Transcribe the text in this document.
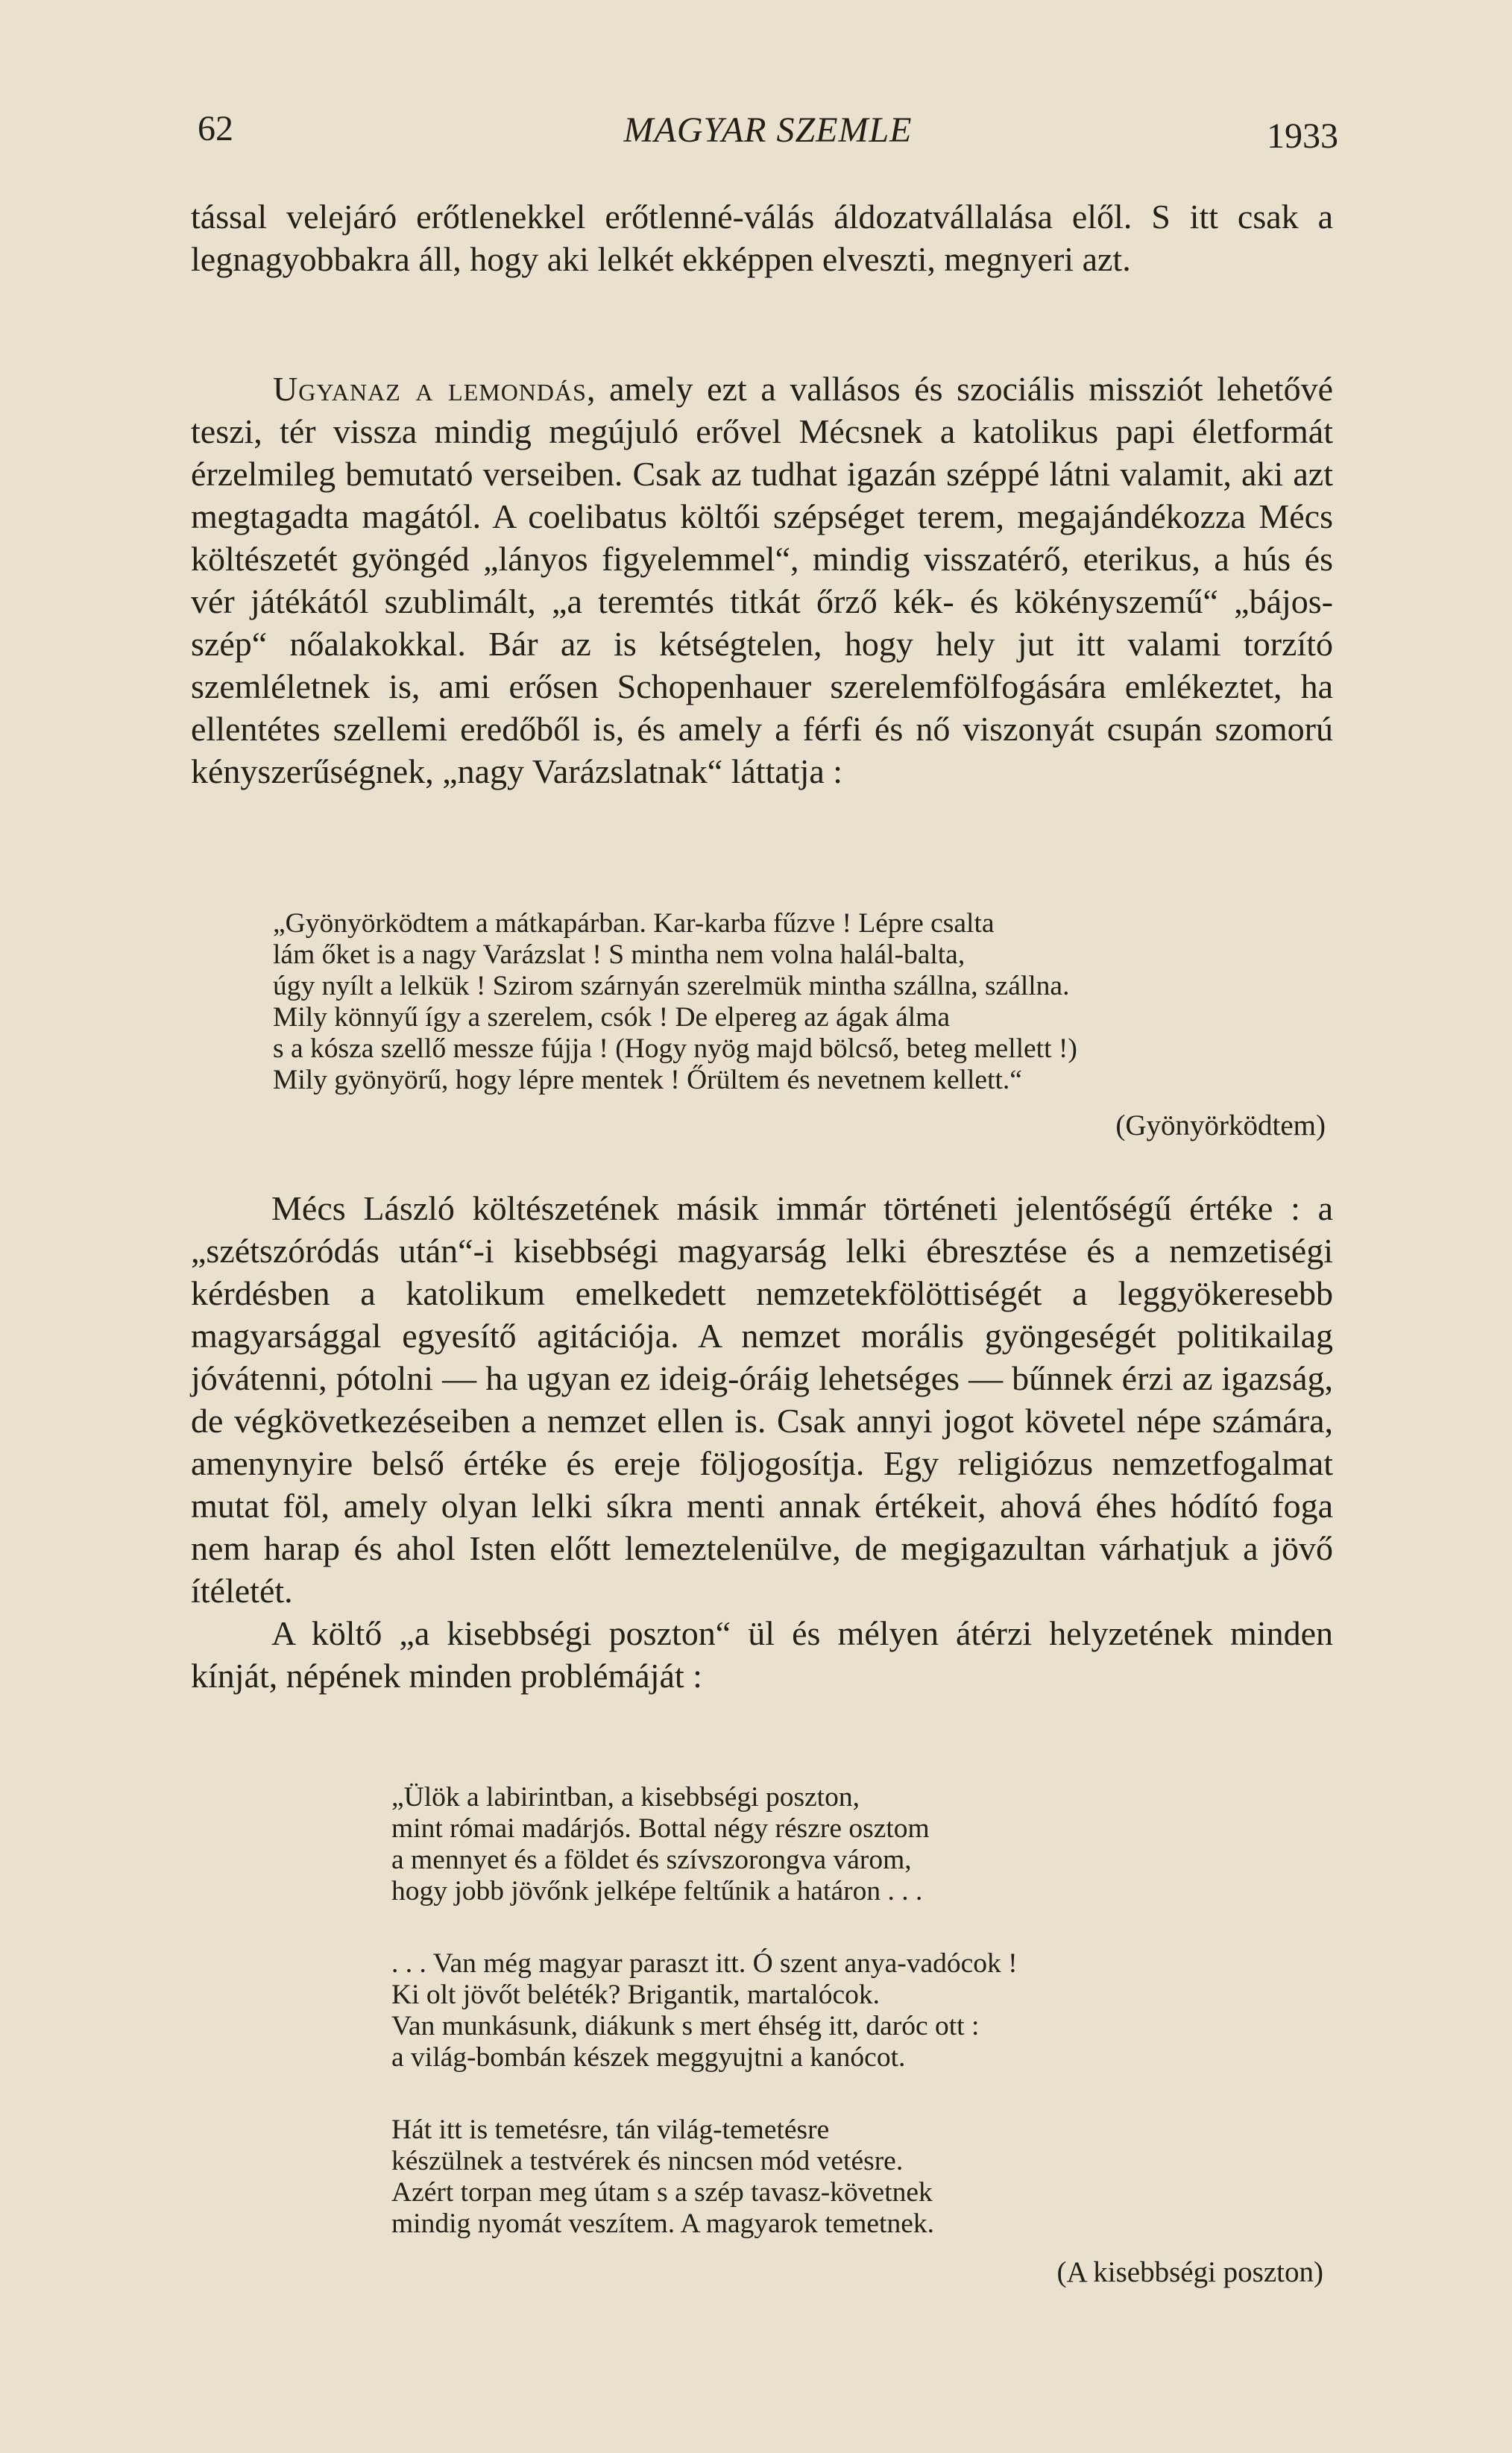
62	MAGYAR SZEMLE	1933
tással velejáró erőtlenekkel erőtlenné-válás áldozatvállalása elől. S itt csak a legnagyobbakra áll, hogy aki lelkét ekképpen elveszti, megnyeri azt.
Ugyanaz a lemondás, amely ezt a vallásos és szociális missziót lehetővé teszi, tér vissza mindig megújuló erővel Mécsnek a katolikus papi életformát érzelmileg bemutató verseiben. Csak az tudhat igazán széppé látni valamit, aki azt megtagadta magától. A coelibatus költői szépséget terem, megajándékozza Mécs költészetét gyöngéd „lányos figyelemmel“, mindig visszatérő, eterikus, a hús és vér játékától szublimált, „a teremtés titkát őrző kék- és kökényszemű“ „bájos-szép“ nőalakokkal. Bár az is kétségtelen, hogy hely jut itt valami torzító szemléletnek is, ami erősen Schopenhauer szerelemfölfogására emlékeztet, ha ellentétes szellemi eredőből is, és amely a férfi és nő viszonyát csupán szomorú kényszerűségnek, „nagy Varázslatnak“ láttatja :
„Gyönyörködtem a mátkapárban. Kar-karba fűzve ! Lépre csalta
lám őket is a nagy Varázslat ! S mintha nem volna halál-balta,
úgy nyílt a lelkük ! Szirom szárnyán szerelmük mintha szállna, szállna.
Mily könnyű így a szerelem, csók ! De elpereg az ágak álma
s a kósza szellő messze fújja ! (Hogy nyög majd bölcső, beteg mellett !)
Mily gyönyörű, hogy lépre mentek ! Őrültem és nevetnem kellett.“
(Gyönyörködtem)
Mécs László költészetének másik immár történeti jelentőségű értéke : a „szétszóródás után“-i kisebbségi magyarság lelki ébresztése és a nemzetiségi kérdésben a katolikum emelkedett nemzetekfölöttiségét a leggyökeresebb magyarsággal egyesítő agitációja. A nemzet morális gyöngeségét politikailag jóvátenni, pótolni — ha ugyan ez ideig-óráig lehetséges — bűnnek érzi az igazság, de végkövetkezéseiben a nemzet ellen is. Csak annyi jogot követel népe számára, amenynyire belső értéke és ereje följogosítja. Egy religiózus nemzetfogalmat mutat föl, amely olyan lelki síkra menti annak értékeit, ahová éhes hódító foga nem harap és ahol Isten előtt lemeztelenülve, de megigazultan várhatjuk a jövő ítéletét.
A költő „a kisebbségi poszton“ ül és mélyen átérzi helyzetének minden kínját, népének minden problémáját :
„Ülök a labirintban, a kisebbségi poszton,
mint római madárjós. Bottal négy részre osztom
a mennyet és a földet és szívszorongva várom,
hogy jobb jövőnk jelképe feltűnik a határon . . .
. . . Van még magyar paraszt itt. Ó szent anya-vadócok !
Ki olt jövőt beléték? Brigantik, martalócok.
Van munkásunk, diákunk s mert éhség itt, daróc ott :
a világ-bombán készek meggyujtni a kanócot.
Hát itt is temetésre, tán világ-temetésre
készülnek a testvérek és nincsen mód vetésre.
Azért torpan meg útam s a szép tavasz-követnek
mindig nyomát veszítem. A magyarok temetnek.
(A kisebbségi poszton)
